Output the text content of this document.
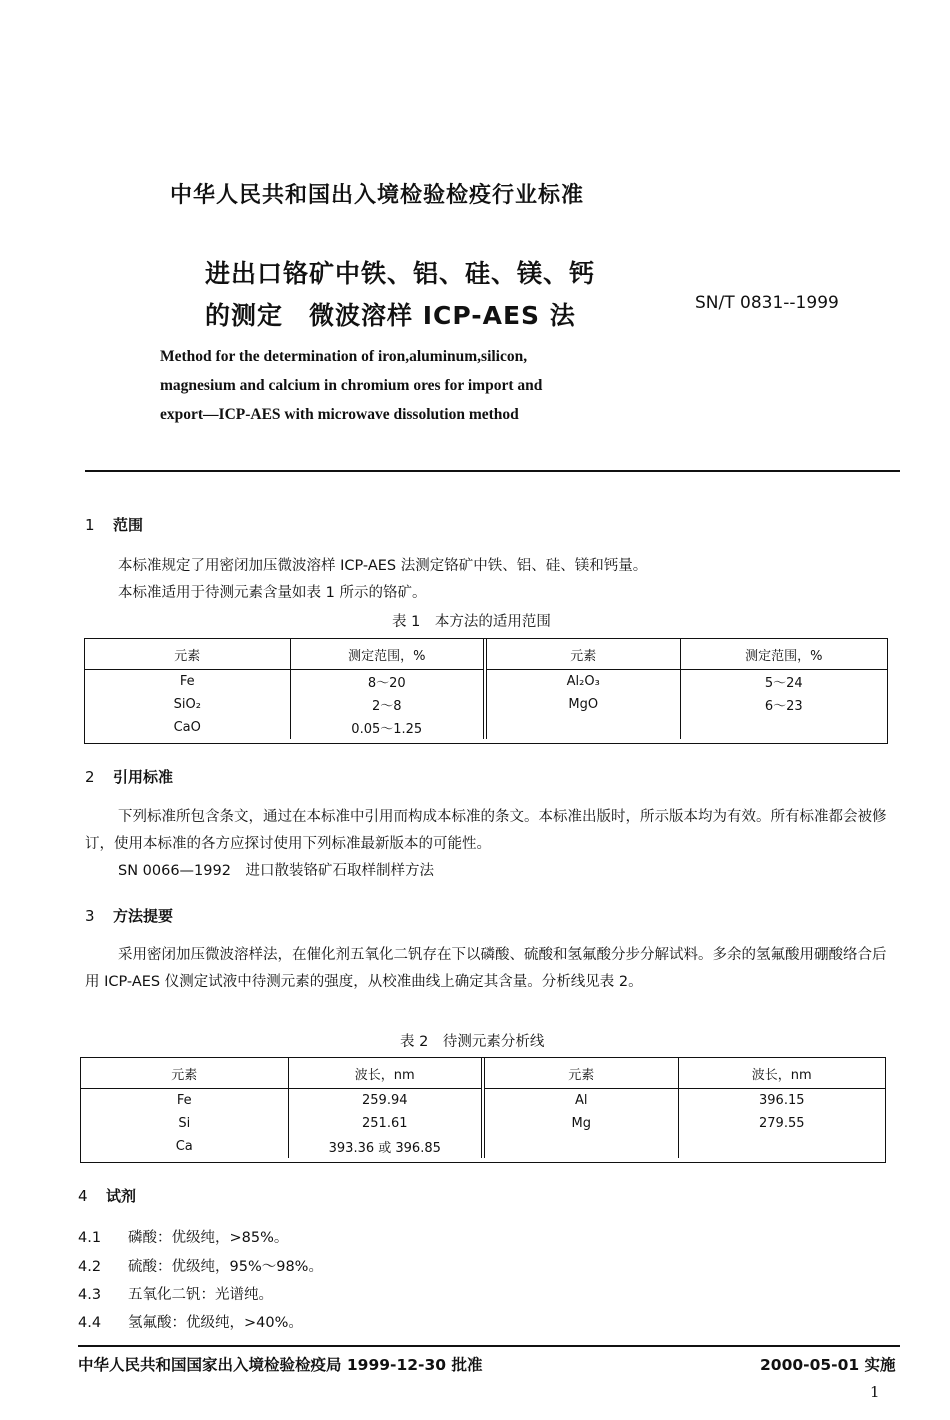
中华人民共和国出入境检验检疫行业标准
进出口铬矿中铁、铝、硅、镁、钙
的测定　微波溶样 ICP-AES 法	SN/T 0831--1999
Method for the determination of iron,aluminum,silicon,
magnesium and calcium in chromium ores for import and
export—ICP-AES with microwave dissolution method
1 范围
本标准规定了用密闭加压微波溶样 ICP-AES 法测定铬矿中铁、铝、硅、镁和钙量。
本标准适用于待测元素含量如表 1 所示的铬矿。
表 1　本方法的适用范围
元素	测定范围，%	元素	测定范围，%
Fe	8～20	Al₂O₃	5～24
SiO₂	2～8	MgO	6～23
CaO	0.05～1.25		
2 引用标准
下列标准所包含条文，通过在本标准中引用而构成本标准的条文。本标准出版时，所示版本均为有效。所有标准都会被修订，使用本标准的各方应探讨使用下列标准最新版本的可能性。
SN 0066—1992　进口散装铬矿石取样制样方法
3 方法提要
采用密闭加压微波溶样法，在催化剂五氧化二钒存在下以磷酸、硫酸和氢氟酸分步分解试料。多余的氢氟酸用硼酸络合后用 ICP-AES 仪测定试液中待测元素的强度，从校准曲线上确定其含量。分析线见表 2。
表 2　待测元素分析线
元素	波长，nm	元素	波长，nm
Fe	259.94	Al	396.15
Si	251.61	Mg	279.55
Ca	393.36 或 396.85		
4 试剂
4.1 磷酸：优级纯，>85%。
4.2 硫酸：优级纯，95%～98%。
4.3 五氧化二钒：光谱纯。
4.4 氢氟酸：优级纯，>40%。
中华人民共和国国家出入境检验检疫局 1999-12-30 批准	2000-05-01 实施
1
